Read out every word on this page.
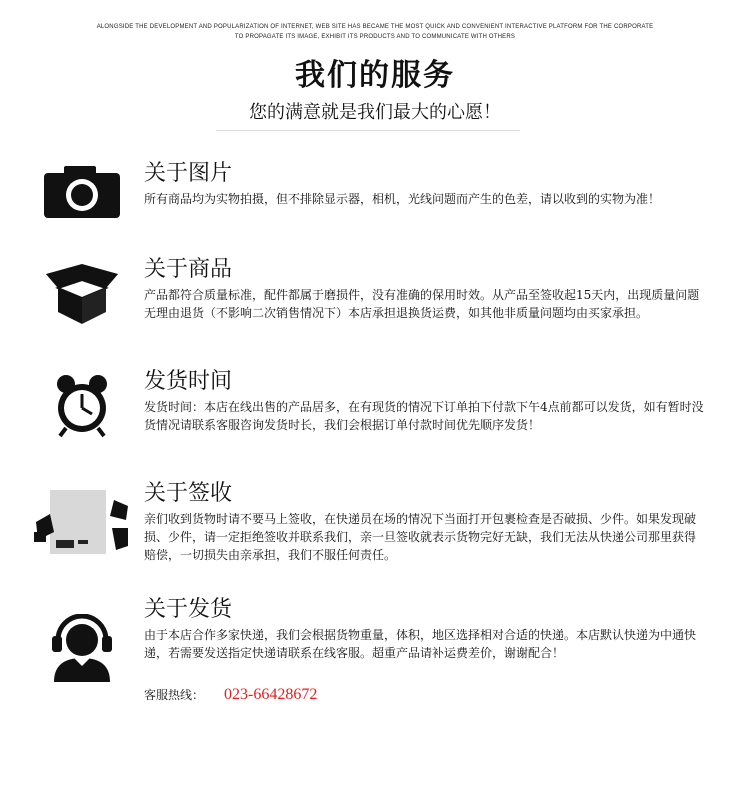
ALONGSIDE THE DEVELOPMENT AND POPULARIZATION OF INTERNET, WEB SITE HAS BECAME THE MOST QUICK AND CONVENIENT INTERACTIVE PLATFORM FOR THE CORPORATE
TO PROPAGATE ITS IMAGE, EXHIBIT ITS PRODUCTS AND TO COMMUNICATE WITH OTHERS
我们的服务
您的满意就是我们最大的心愿！
关于图片
所有商品均为实物拍摄，但不排除显示器，相机，光线问题而产生的色差，请以收到的实物为准！
关于商品
产品都符合质量标准，配件都属于磨损件，没有准确的保用时效。从产品至签收起15天内，出现质量问题无理由退货（不影响二次销售情况下）本店承担退换货运费，如其他非质量问题均由买家承担。
发货时间
发货时间：本店在线出售的产品居多，在有现货的情况下订单拍下付款下午4点前都可以发货，如有暂时没货情况请联系客服咨询发货时长，我们会根据订单付款时间优先顺序发货！
关于签收
亲们收到货物时请不要马上签收，在快递员在场的情况下当面打开包裹检查是否破损、少件。如果发现破损、少件，请一定拒绝签收并联系我们，亲一旦签收就表示货物完好无缺，我们无法从快递公司那里获得赔偿，一切损失由亲承担，我们不服任何责任。
关于发货
由于本店合作多家快递，我们会根据货物重量，体积，地区选择相对合适的快递。本店默认快递为中通快递，若需要发送指定快递请联系在线客服。超重产品请补运费差价，谢谢配合！
客服热线： 023-66428672
